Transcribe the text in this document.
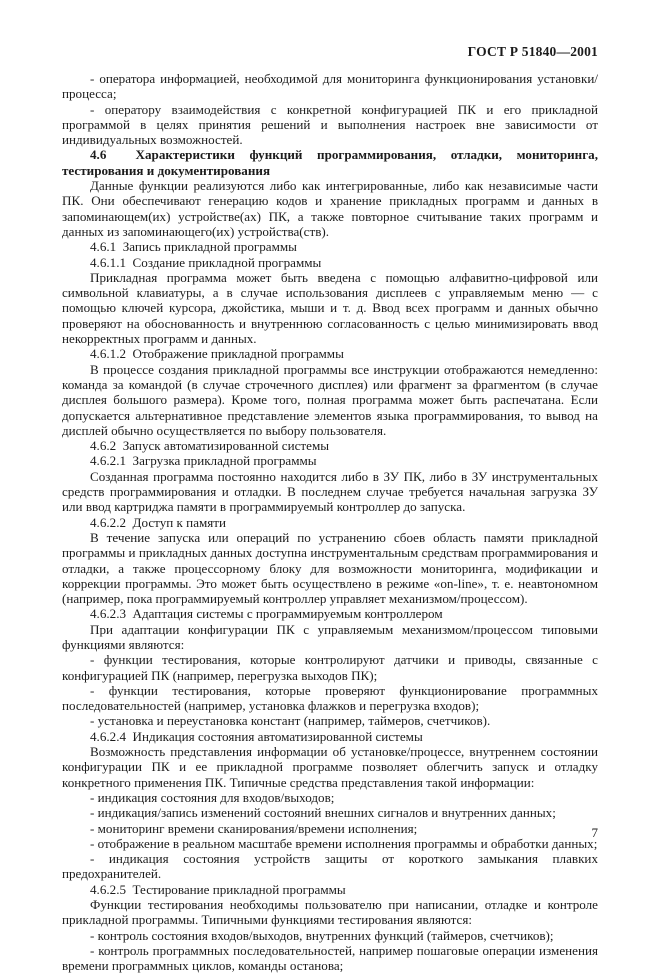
ГОСТ Р 51840—2001

- оператора информацией, необходимой для мониторинга функционирования установки/процесса;

- оператору взаимодействия с конкретной конфигурацией ПК и его прикладной программой в целях принятия решений и выполнения настроек вне зависимости от индивидуальных возможностей.

4.6  Характеристики функций программирования, отладки, мониторинга, тестирования и документирования

Данные функции реализуются либо как интегрированные, либо как независимые части ПК. Они обеспечивают генерацию кодов и хранение прикладных программ и данных в запоминающем(их) устройстве(ах) ПК, а также повторное считывание таких программ и данных из запоминающего(их) устройства(ств).

4.6.1  Запись прикладной программы

4.6.1.1  Создание прикладной программы

Прикладная программа может быть введена с помощью алфавитно-цифровой или символьной клавиатуры, а в случае использования дисплеев с управляемым меню — с помощью ключей курсора, джойстика, мыши и т. д. Ввод всех программ и данных обычно проверяют на обоснованность и внутреннюю согласованность с целью минимизировать ввод некорректных программ и данных.

4.6.1.2  Отображение прикладной программы

В процессе создания прикладной программы все инструкции отображаются немедленно: команда за командой (в случае строчечного дисплея) или фрагмент за фрагментом (в случае дисплея большого размера). Кроме того, полная программа может быть распечатана. Если допускается альтернативное представление элементов языка программирования, то вывод на дисплей обычно осуществляется по выбору пользователя.

4.6.2  Запуск автоматизированной системы

4.6.2.1  Загрузка прикладной программы

Созданная программа постоянно находится либо в ЗУ ПК, либо в ЗУ инструментальных средств программирования и отладки. В последнем случае требуется начальная загрузка ЗУ или ввод картриджа памяти в программируемый контроллер до запуска.

4.6.2.2  Доступ к памяти

В течение запуска или операций по устранению сбоев область памяти прикладной программы и прикладных данных доступна инструментальным средствам программирования и отладки, а также процессорному блоку для возможности мониторинга, модификации и коррекции программы. Это может быть осуществлено в режиме «on-line», т. е. неавтономном (например, пока программируемый контроллер управляет механизмом/процессом).

4.6.2.3  Адаптация системы с программируемым контроллером

При адаптации конфигурации ПК с управляемым механизмом/процессом типовыми функциями являются:

- функции тестирования, которые контролируют датчики и приводы, связанные с конфигурацией ПК (например, перегрузка выходов ПК);

- функции тестирования, которые проверяют функционирование программных последовательностей (например, установка флажков и перегрузка входов);

- установка и переустановка констант (например, таймеров, счетчиков).

4.6.2.4  Индикация состояния автоматизированной системы

Возможность представления информации об установке/процессе, внутреннем состоянии конфигурации ПК и ее прикладной программе позволяет облегчить запуск и отладку конкретного применения ПК. Типичные средства представления такой информации:

- индикация состояния для входов/выходов;

- индикация/запись изменений состояний внешних сигналов и внутренних данных;

- мониторинг времени сканирования/времени исполнения;

- отображение в реальном масштабе времени исполнения программы и обработки данных;

- индикация состояния устройств защиты от короткого замыкания плавких предохранителей.

4.6.2.5  Тестирование прикладной программы

Функции тестирования необходимы пользователю при написании, отладке и контроле прикладной программы. Типичными функциями тестирования являются:

- контроль состояния входов/выходов, внутренних функций (таймеров, счетчиков);

- контроль программных последовательностей, например пошаговые операции изменения времени программных циклов, команды останова;

7
